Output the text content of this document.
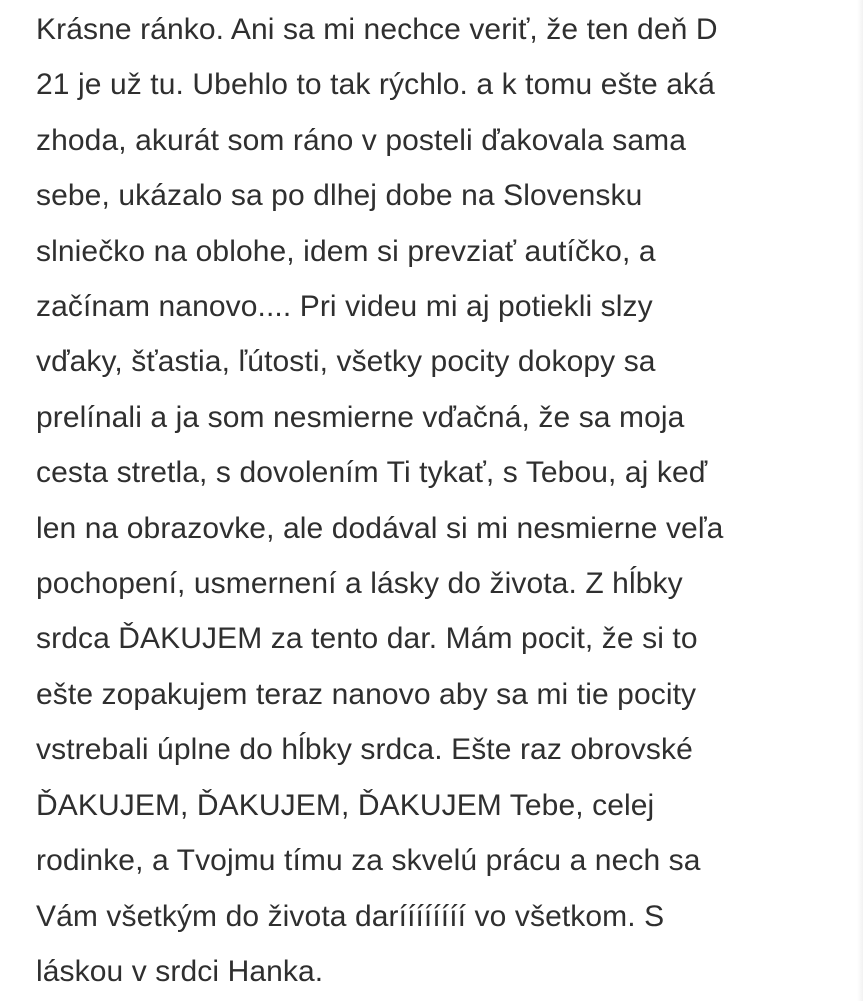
Krásne ránko. Ani sa mi nechce veriť, že ten deň D
21 je už tu. Ubehlo to tak rýchlo. a k tomu ešte aká
zhoda, akurát som ráno v posteli ďakovala sama
sebe, ukázalo sa po dlhej dobe na Slovensku
slniečko na oblohe, idem si prevziať autíčko, a
začínam nanovo.... Pri videu mi aj potiekli slzy
vďaky, šťastia, ľútosti, všetky pocity dokopy sa
prelínali a ja som nesmierne vďačná, že sa moja
cesta stretla, s dovolením Ti tykať, s Tebou, aj keď
len na obrazovke, ale dodával si mi nesmierne veľa
pochopení, usmernení a lásky do života. Z hĺbky
srdca ĎAKUJEM za tento dar. Mám pocit, že si to
ešte zopakujem teraz nanovo aby sa mi tie pocity
vstrebali úplne do hĺbky srdca. Ešte raz obrovské
ĎAKUJEM, ĎAKUJEM, ĎAKUJEM Tebe, celej
rodinke, a Tvojmu tímu za skvelú prácu a nech sa
Vám všetkým do života daríííííííí vo všetkom. S
láskou v srdci Hanka.
